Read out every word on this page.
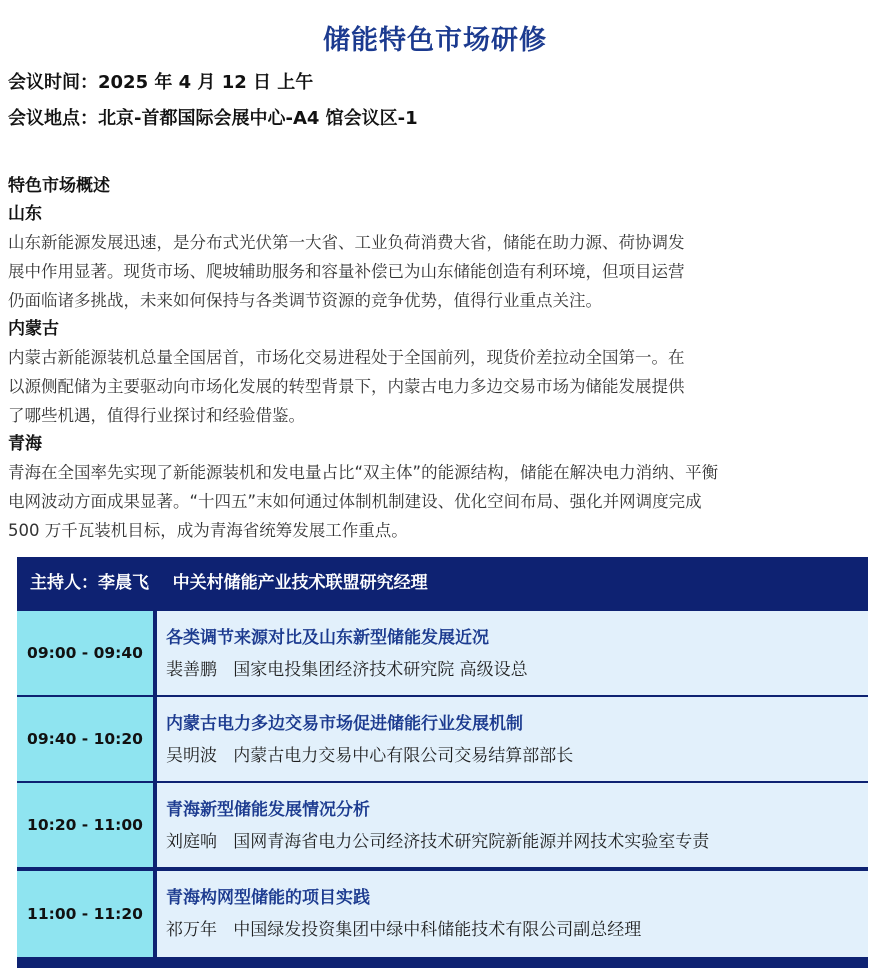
储能特色市场研修
会议时间：2025 年 4 月 12 日 上午
会议地点：北京-首都国际会展中心-A4 馆会议区-1
特色市场概述
山东

山东新能源发展迅速，是分布式光伏第一大省、工业负荷消费大省，储能在助力源、荷协调发

展中作用显著。现货市场、爬坡辅助服务和容量补偿已为山东储能创造有利环境，但项目运营

仍面临诸多挑战，未来如何保持与各类调节资源的竞争优势，值得行业重点关注。

内蒙古

内蒙古新能源装机总量全国居首，市场化交易进程处于全国前列，现货价差拉动全国第一。在

以源侧配储为主要驱动向市场化发展的转型背景下，内蒙古电力多边交易市场为储能发展提供

了哪些机遇，值得行业探讨和经验借鉴。

青海

青海在全国率先实现了新能源装机和发电量占比“双主体”的能源结构，储能在解决电力消纳、平衡

电网波动方面成果显著。“十四五”末如何通过体制机制建设、优化空间布局、强化并网调度完成

500 万千瓦装机目标，成为青海省统筹发展工作重点。

主持人：李晨飞    中关村储能产业技术联盟研究经理
09:00 - 09:40
各类调节来源对比及山东新型储能发展近况
裴善鹏 国家电投集团经济技术研究院 高级设总
09:40 - 10:20
内蒙古电力多边交易市场促进储能行业发展机制
吴明波 内蒙古电力交易中心有限公司交易结算部部长
10:20 - 11:00
青海新型储能发展情况分析
刘庭响 国网青海省电力公司经济技术研究院新能源并网技术实验室专责
11:00 - 11:20
青海构网型储能的项目实践
祁万年 中国绿发投资集团中绿中科储能技术有限公司副总经理
